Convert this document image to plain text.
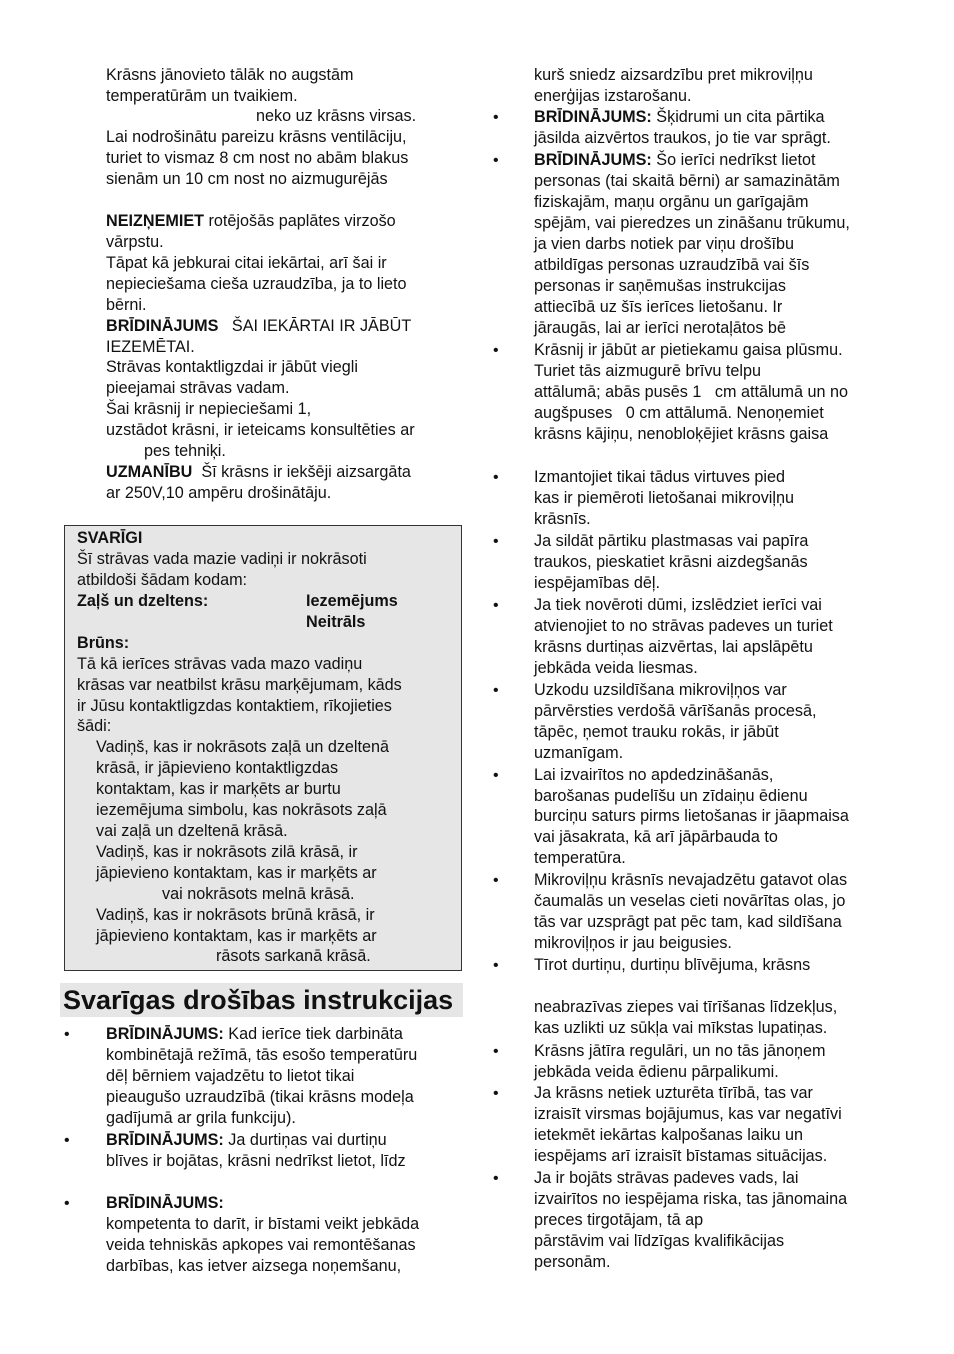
Krāsns jānovieto tālāk no augstām
temperatūrām un tvaikiem.
neko uz krāsns virsas.
Lai nodrošinātu pareizu krāsns ventilāciju,
turiet to vismaz 8 cm nost no abām blakus
sienām un 10 cm nost no aizmugurējās
NEIZŅEMIET rotējošās paplātes virzošo
vārpstu.
Tāpat kā jebkurai citai iekārtai, arī šai ir
nepieciešama cieša uzraudzība, ja to lieto
bērni.
BRĪDINĀJUMS   ŠAI IEKĀRTAI IR JĀBŪT
IEZEMĒTAI.
Strāvas kontaktligzdai ir jābūt viegli
pieejamai strāvas vadam.
Šai krāsnij ir nepieciešami 1,
uzstādot krāsni, ir ieteicams konsultēties ar
pes tehniķi.
UZMANĪBU  Šī krāsns ir iekšēji aizsargāta
ar 250V,10 ampēru drošinātāju.
SVARĪGI
Šī strāvas vada mazie vadiņi ir nokrāsoti
atbildoši šādam kodam:
Zaļš un dzeltens:	Iezemējums
Neitrāls
Brūns:
Tā kā ierīces strāvas vada mazo vadiņu
krāsas var neatbilst krāsu marķējumam, kāds
ir Jūsu kontaktligzdas kontaktiem, rīkojieties
šādi:
Vadiņš, kas ir nokrāsots zaļā un dzeltenā
krāsā, ir jāpievieno kontaktligzdas
kontaktam, kas ir marķēts ar burtu
iezemējuma simbolu, kas nokrāsots zaļā
vai zaļā un dzeltenā krāsā.
Vadiņš, kas ir nokrāsots zilā krāsā, ir
jāpievieno kontaktam, kas ir marķēts ar
vai nokrāsots melnā krāsā.
Vadiņš, kas ir nokrāsots brūnā krāsā, ir
jāpievieno kontaktam, kas ir marķēts ar
rāsots sarkanā krāsā.
Svarīgas drošības instrukcijas
• BRĪDINĀJUMS: Kad ierīce tiek darbināta
kombinētajā režīmā, tās esošo temperatūru
dēļ bērniem vajadzētu to lietot tikai
pieaugušo uzraudzībā (tikai krāsns modeļa
gadījumā ar grila funkciju).
• BRĪDINĀJUMS: Ja durtiņas vai durtiņu
blīves ir bojātas, krāsni nedrīkst lietot, līdz
• BRĪDINĀJUMS:
kompetenta to darīt, ir bīstami veikt jebkāda
veida tehniskās apkopes vai remontēšanas
darbības, kas ietver aizsega noņemšanu,
kurš sniedz aizsardzību pret mikroviļņu
enerģijas izstarošanu.
• BRĪDINĀJUMS: Šķidrumi un cita pārtika
jāsilda aizvērtos traukos, jo tie var sprāgt.
• BRĪDINĀJUMS: Šo ierīci nedrīkst lietot
personas (tai skaitā bērni) ar samazinātām
fiziskajām, maņu orgānu un garīgajām
spējām, vai pieredzes un zināšanu trūkumu,
ja vien darbs notiek par viņu drošību
atbildīgas personas uzraudzībā vai šīs
personas ir saņēmušas instrukcijas
attiecībā uz šīs ierīces lietošanu. Ir
jāraugās, lai ar ierīci nerotaļātos bē
• Krāsnij ir jābūt ar pietiekamu gaisa plūsmu.
Turiet tās aizmugurē brīvu telpu
attālumā; abās pusēs 1   cm attālumā un no
augšpuses   0 cm attālumā. Nenoņemiet
krāsns kājiņu, nenobloķējiet krāsns gaisa
• Izmantojiet tikai tādus virtuves pied
kas ir piemēroti lietošanai mikroviļņu
krāsnīs.
• Ja sildāt pārtiku plastmasas vai papīra
traukos, pieskatiet krāsni aizdegšanās
iespējamības dēļ.
• Ja tiek novēroti dūmi, izslēdziet ierīci vai
atvienojiet to no strāvas padeves un turiet
krāsns durtiņas aizvērtas, lai apslāpētu
jebkāda veida liesmas.
• Uzkodu uzsildīšana mikroviļņos var
pārvērsties verdošā vārīšanās procesā,
tāpēc, ņemot trauku rokās, ir jābūt
uzmanīgam.
• Lai izvairītos no apdedzināšanās,
barošanas pudelīšu un zīdaiņu ēdienu
burciņu saturs pirms lietošanas ir jāapmaisa
vai jāsakrata, kā arī jāpārbauda to
temperatūra.
• Mikroviļņu krāsnīs nevajadzētu gatavot olas
čaumalās un veselas cieti novārītas olas, jo
tās var uzsprāgt pat pēc tam, kad sildīšana
mikroviļņos ir jau beigusies.
• Tīrot durtiņu, durtiņu blīvējuma, krāsns
neabrazīvas ziepes vai tīrīšanas līdzekļus,
kas uzlikti uz sūkļa vai mīkstas lupatiņas.
• Krāsns jātīra regulāri, un no tās jānoņem
jebkāda veida ēdienu pārpalikumi.
• Ja krāsns netiek uzturēta tīrībā, tas var
izraisīt virsmas bojājumus, kas var negatīvi
ietekmēt iekārtas kalpošanas laiku un
iespējams arī izraisīt bīstamas situācijas.
• Ja ir bojāts strāvas padeves vads, lai
izvairītos no iespējama riska, tas jānomaina
preces tirgotājam, tā ap
pārstāvim vai līdzīgas kvalifikācijas
personām.
